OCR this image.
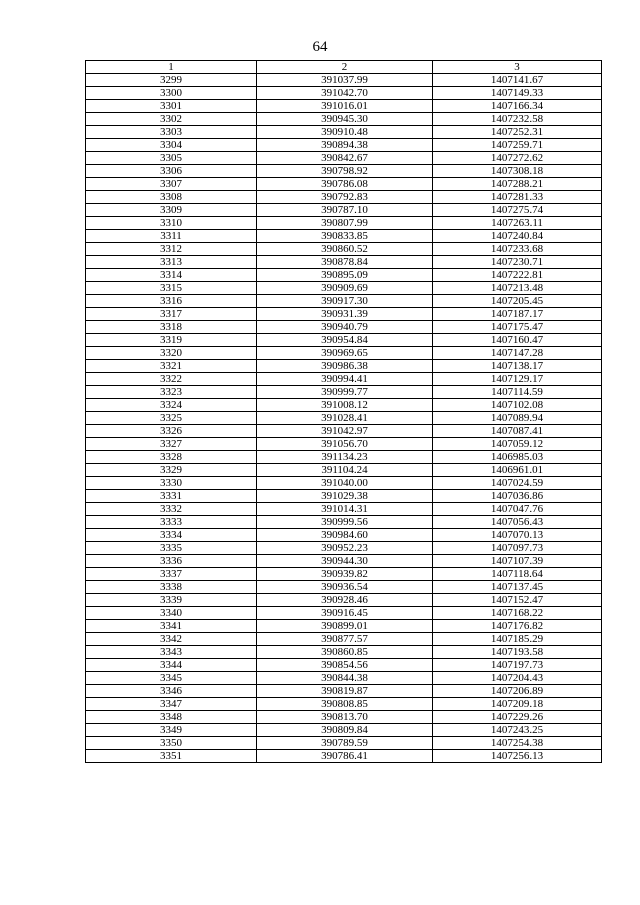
64
1	2	3
3299	391037.99	1407141.67
3300	391042.70	1407149.33
3301	391016.01	1407166.34
3302	390945.30	1407232.58
3303	390910.48	1407252.31
3304	390894.38	1407259.71
3305	390842.67	1407272.62
3306	390798.92	1407308.18
3307	390786.08	1407288.21
3308	390792.83	1407281.33
3309	390787.10	1407275.74
3310	390807.99	1407263.11
3311	390833.85	1407240.84
3312	390860.52	1407233.68
3313	390878.84	1407230.71
3314	390895.09	1407222.81
3315	390909.69	1407213.48
3316	390917.30	1407205.45
3317	390931.39	1407187.17
3318	390940.79	1407175.47
3319	390954.84	1407160.47
3320	390969.65	1407147.28
3321	390986.38	1407138.17
3322	390994.41	1407129.17
3323	390999.77	1407114.59
3324	391008.12	1407102.08
3325	391028.41	1407089.94
3326	391042.97	1407087.41
3327	391056.70	1407059.12
3328	391134.23	1406985.03
3329	391104.24	1406961.01
3330	391040.00	1407024.59
3331	391029.38	1407036.86
3332	391014.31	1407047.76
3333	390999.56	1407056.43
3334	390984.60	1407070.13
3335	390952.23	1407097.73
3336	390944.30	1407107.39
3337	390939.82	1407118.64
3338	390936.54	1407137.45
3339	390928.46	1407152.47
3340	390916.45	1407168.22
3341	390899.01	1407176.82
3342	390877.57	1407185.29
3343	390860.85	1407193.58
3344	390854.56	1407197.73
3345	390844.38	1407204.43
3346	390819.87	1407206.89
3347	390808.85	1407209.18
3348	390813.70	1407229.26
3349	390809.84	1407243.25
3350	390789.59	1407254.38
3351	390786.41	1407256.13
